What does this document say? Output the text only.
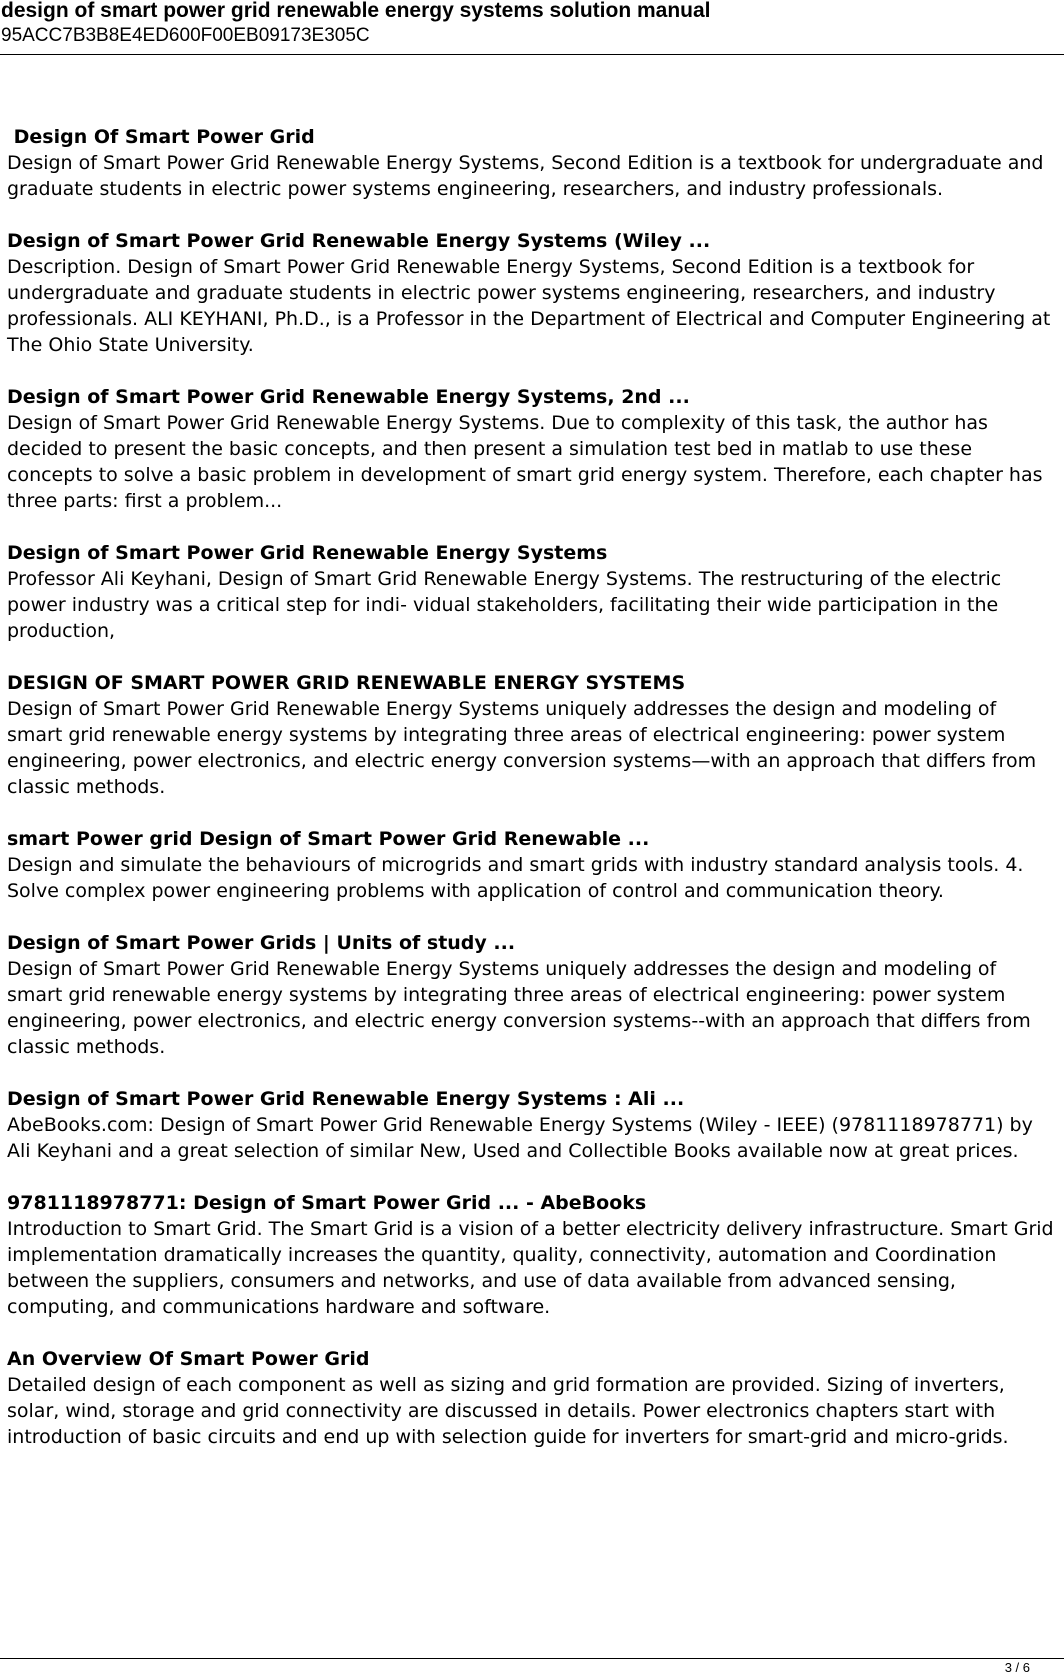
design of smart power grid renewable energy systems solution manual
95ACC7B3B8E4ED600F00EB09173E305C
Design Of Smart Power Grid
Design of Smart Power Grid Renewable Energy Systems, Second Edition is a textbook for undergraduate and graduate students in electric power systems engineering, researchers, and industry professionals.
Design of Smart Power Grid Renewable Energy Systems (Wiley ...
Description. Design of Smart Power Grid Renewable Energy Systems, Second Edition is a textbook for undergraduate and graduate students in electric power systems engineering, researchers, and industry professionals. ALI KEYHANI, Ph.D., is a Professor in the Department of Electrical and Computer Engineering at The Ohio State University.
Design of Smart Power Grid Renewable Energy Systems, 2nd ...
Design of Smart Power Grid Renewable Energy Systems. Due to complexity of this task, the author has decided to present the basic concepts, and then present a simulation test bed in matlab to use these concepts to solve a basic problem in development of smart grid energy system. Therefore, each chapter has three parts: first a problem...
Design of Smart Power Grid Renewable Energy Systems
Professor Ali Keyhani, Design of Smart Grid Renewable Energy Systems. The restructuring of the electric power industry was a critical step for indi- vidual stakeholders, facilitating their wide participation in the production,
DESIGN OF SMART POWER GRID RENEWABLE ENERGY SYSTEMS
Design of Smart Power Grid Renewable Energy Systems uniquely addresses the design and modeling of smart grid renewable energy systems by integrating three areas of electrical engineering: power system engineering, power electronics, and electric energy conversion systems—with an approach that differs from classic methods.
smart Power grid Design of Smart Power Grid Renewable ...
Design and simulate the behaviours of microgrids and smart grids with industry standard analysis tools. 4. Solve complex power engineering problems with application of control and communication theory.
Design of Smart Power Grids | Units of study ...
Design of Smart Power Grid Renewable Energy Systems uniquely addresses the design and modeling of smart grid renewable energy systems by integrating three areas of electrical engineering: power system engineering, power electronics, and electric energy conversion systems--with an approach that differs from classic methods.
Design of Smart Power Grid Renewable Energy Systems : Ali ...
AbeBooks.com: Design of Smart Power Grid Renewable Energy Systems (Wiley - IEEE) (9781118978771) by Ali Keyhani and a great selection of similar New, Used and Collectible Books available now at great prices.
9781118978771: Design of Smart Power Grid ... - AbeBooks
Introduction to Smart Grid. The Smart Grid is a vision of a better electricity delivery infrastructure. Smart Grid implementation dramatically increases the quantity, quality, connectivity, automation and Coordination between the suppliers, consumers and networks, and use of data available from advanced sensing, computing, and communications hardware and software.
An Overview Of Smart Power Grid
Detailed design of each component as well as sizing and grid formation are provided. Sizing of inverters, solar, wind, storage and grid connectivity are discussed in details. Power electronics chapters start with introduction of basic circuits and end up with selection guide for inverters for smart-grid and micro-grids.
3 / 6
